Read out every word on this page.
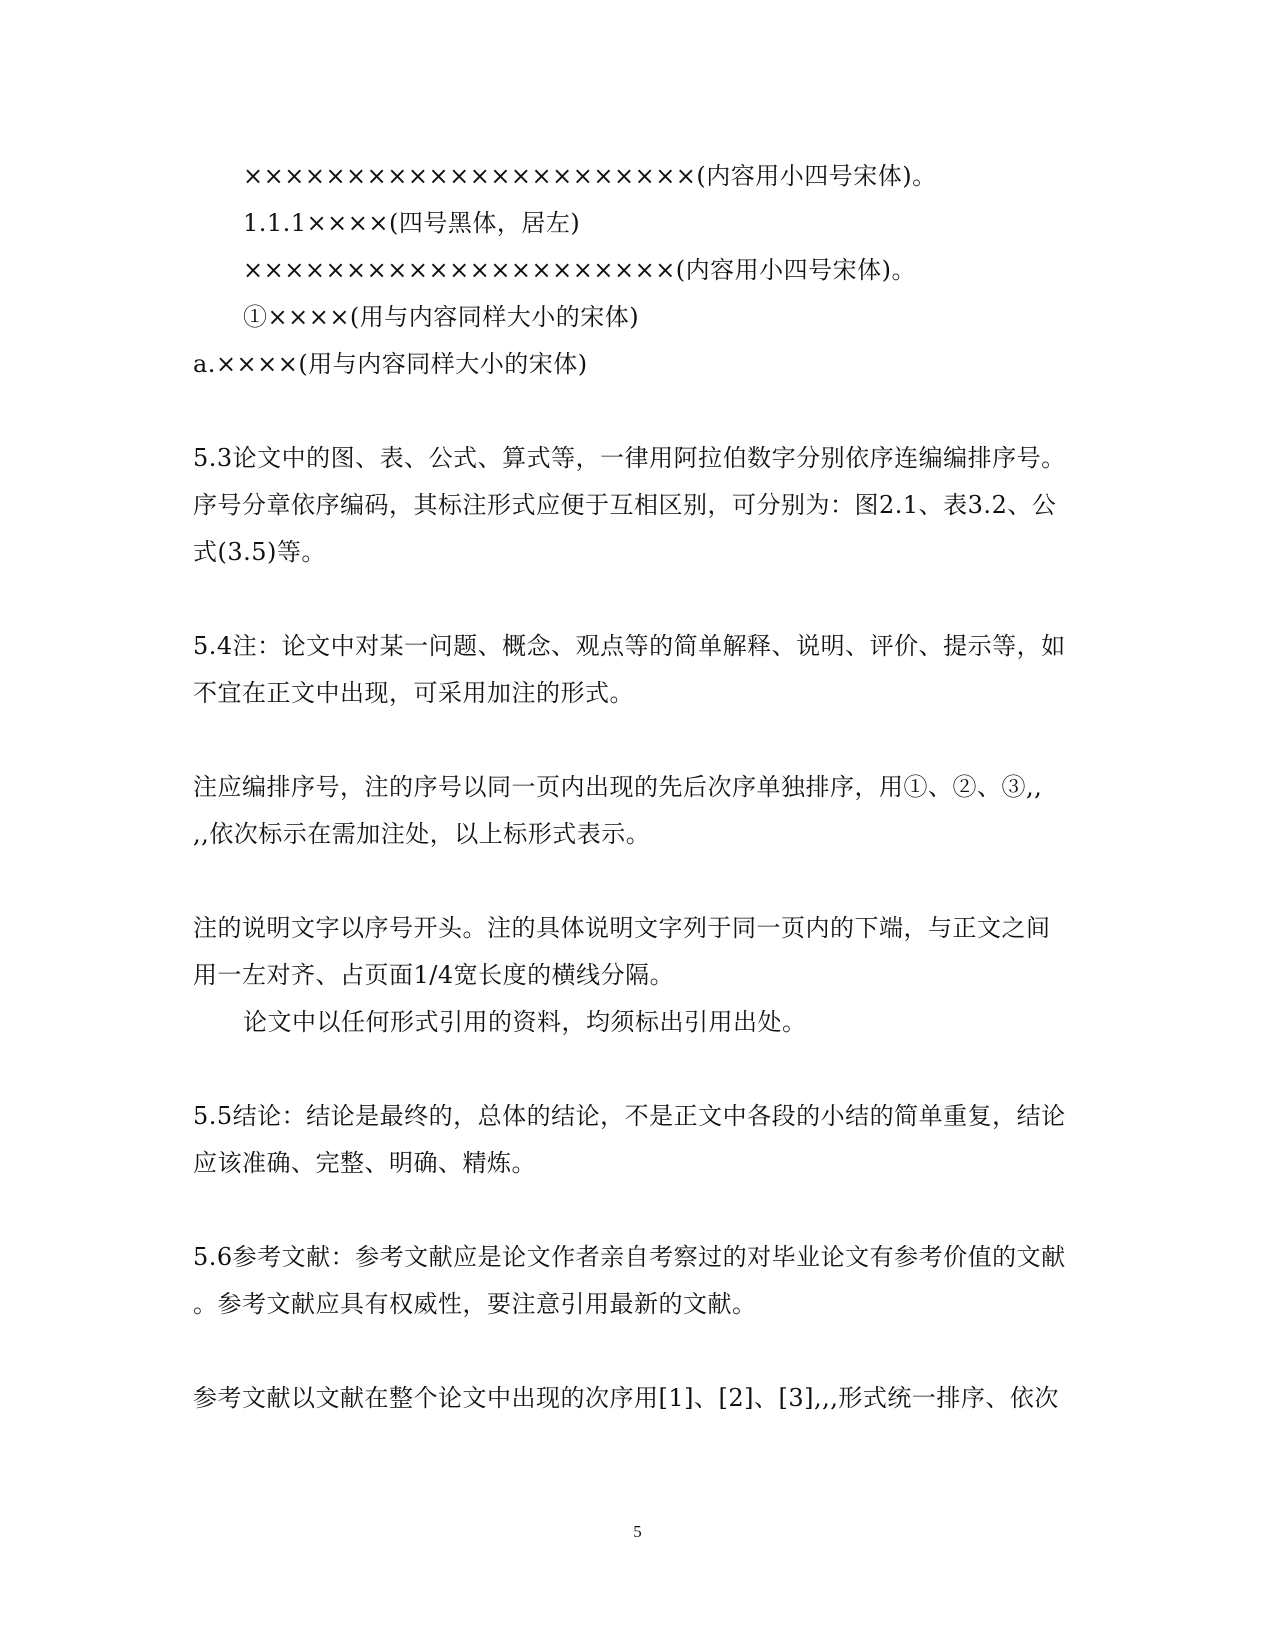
××××××××××××××××××××××(内容用小四号宋体)。
1.1.1××××(四号黑体，居左)
×××××××××××××××××××××(内容用小四号宋体)。
①××××(用与内容同样大小的宋体)
a.××××(用与内容同样大小的宋体)
5.3论文中的图、表、公式、算式等，一律用阿拉伯数字分别依序连编编排序号。
序号分章依序编码，其标注形式应便于互相区别，可分别为：图2.1、表3.2、公
式(3.5)等。
5.4注：论文中对某一问题、概念、观点等的简单解释、说明、评价、提示等，如
不宜在正文中出现，可采用加注的形式。
注应编排序号，注的序号以同一页内出现的先后次序单独排序，用①、②、③,,
,,依次标示在需加注处，以上标形式表示。
注的说明文字以序号开头。注的具体说明文字列于同一页内的下端，与正文之间
用一左对齐、占页面1/4宽长度的横线分隔。
论文中以任何形式引用的资料，均须标出引用出处。
5.5结论：结论是最终的，总体的结论，不是正文中各段的小结的简单重复，结论
应该准确、完整、明确、精炼。
5.6参考文献：参考文献应是论文作者亲自考察过的对毕业论文有参考价值的文献
。参考文献应具有权威性，要注意引用最新的文献。
参考文献以文献在整个论文中出现的次序用[1]、[2]、[3],,,形式统一排序、依次
5
